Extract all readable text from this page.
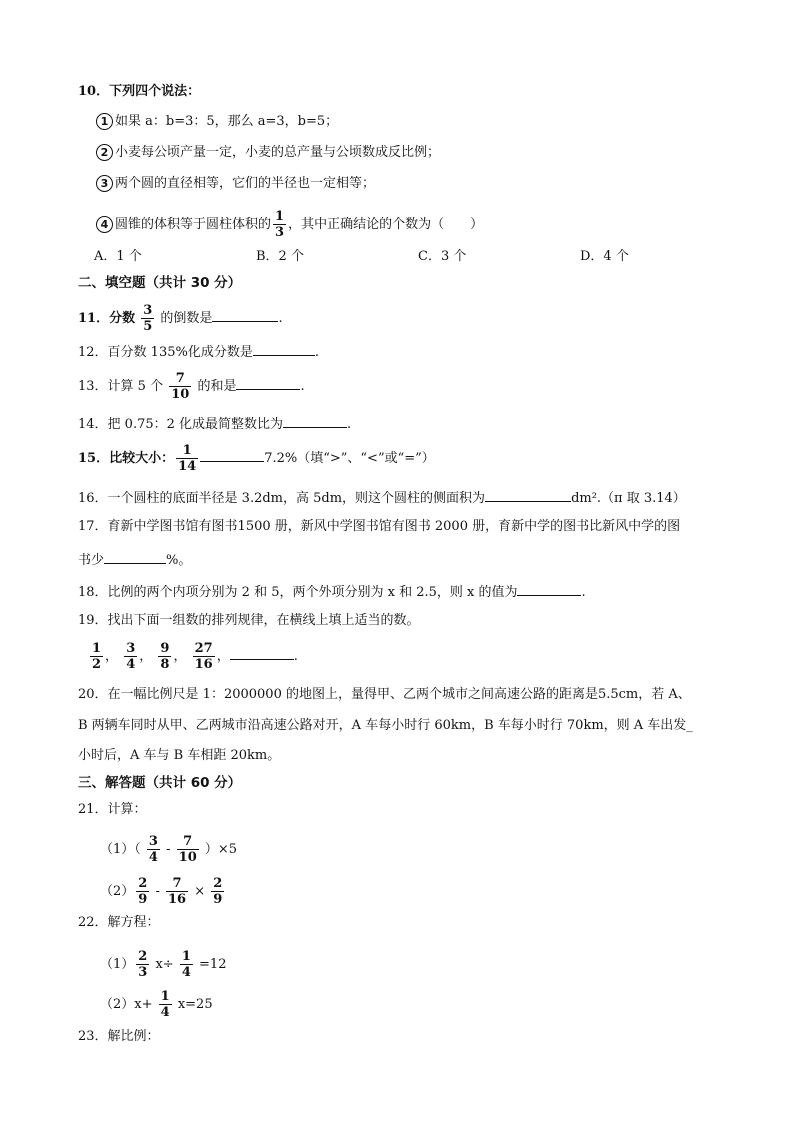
10．下列四个说法：
1 如果 a：b=3：5，那么 a=3，b=5；
2 小麦每公顷产量一定，小麦的总产量与公顷数成反比例；
3 两个圆的直径相等，它们的半径也一定相等；
4 圆锥的体积等于圆柱体积的 $\frac{1}{3}$ ，其中正确结论的个数为（　　）
A．1 个	B．2 个	C．3 个	D．4 个
二、填空题（共计 30 分）
11．分数 $\frac{3}{5}$ 的倒数是	.
12．百分数 135%化成分数是	.
13．计算 5 个 $\frac{7}{10}$ 的和是	.
14．把 0.75：2 化成最简整数比为	.
15．比较大小： $\frac{1}{14}$	7.2%（填“>”、“<”或“=”）
16．一个圆柱的底面半径是 3.2dm，高 5dm，则这个圆柱的侧面积为	dm².（π 取 3.14）
17．育新中学图书馆有图书1500 册，新风中学图书馆有图书 2000 册，育新中学的图书比新风中学的图
书少	%。
18．比例的两个内项分别为 2 和 5，两个外项分别为 x 和 2.5，则 x 的值为	.
19．找出下面一组数的排列规律，在横线上填上适当的数。
$\frac{1}{2}$ ， $\frac{3}{4}$ ， $\frac{9}{8}$ ， $\frac{27}{16}$ ，	.
20．在一幅比例尺是 1：2000000 的地图上，量得甲、乙两个城市之间高速公路的距离是5.5cm，若 A、
B 两辆车同时从甲、乙两城市沿高速公路对开，A 车每小时行 60km，B 车每小时行 70km，则 A 车出发_
小时后，A 车与 B 车相距 20km。
三、解答题（共计 60 分）
21．计算：
$(1)( \frac{3}{4} - \frac{7}{10} )\times 5$
$(2) \frac{2}{9} - \frac{7}{16} \times \frac{2}{9}$
22．解方程：
$(1) \frac{2}{3} x\div \frac{1}{4} =12$
$(2)x+ \frac{1}{4} x=25$
23．解比例：
